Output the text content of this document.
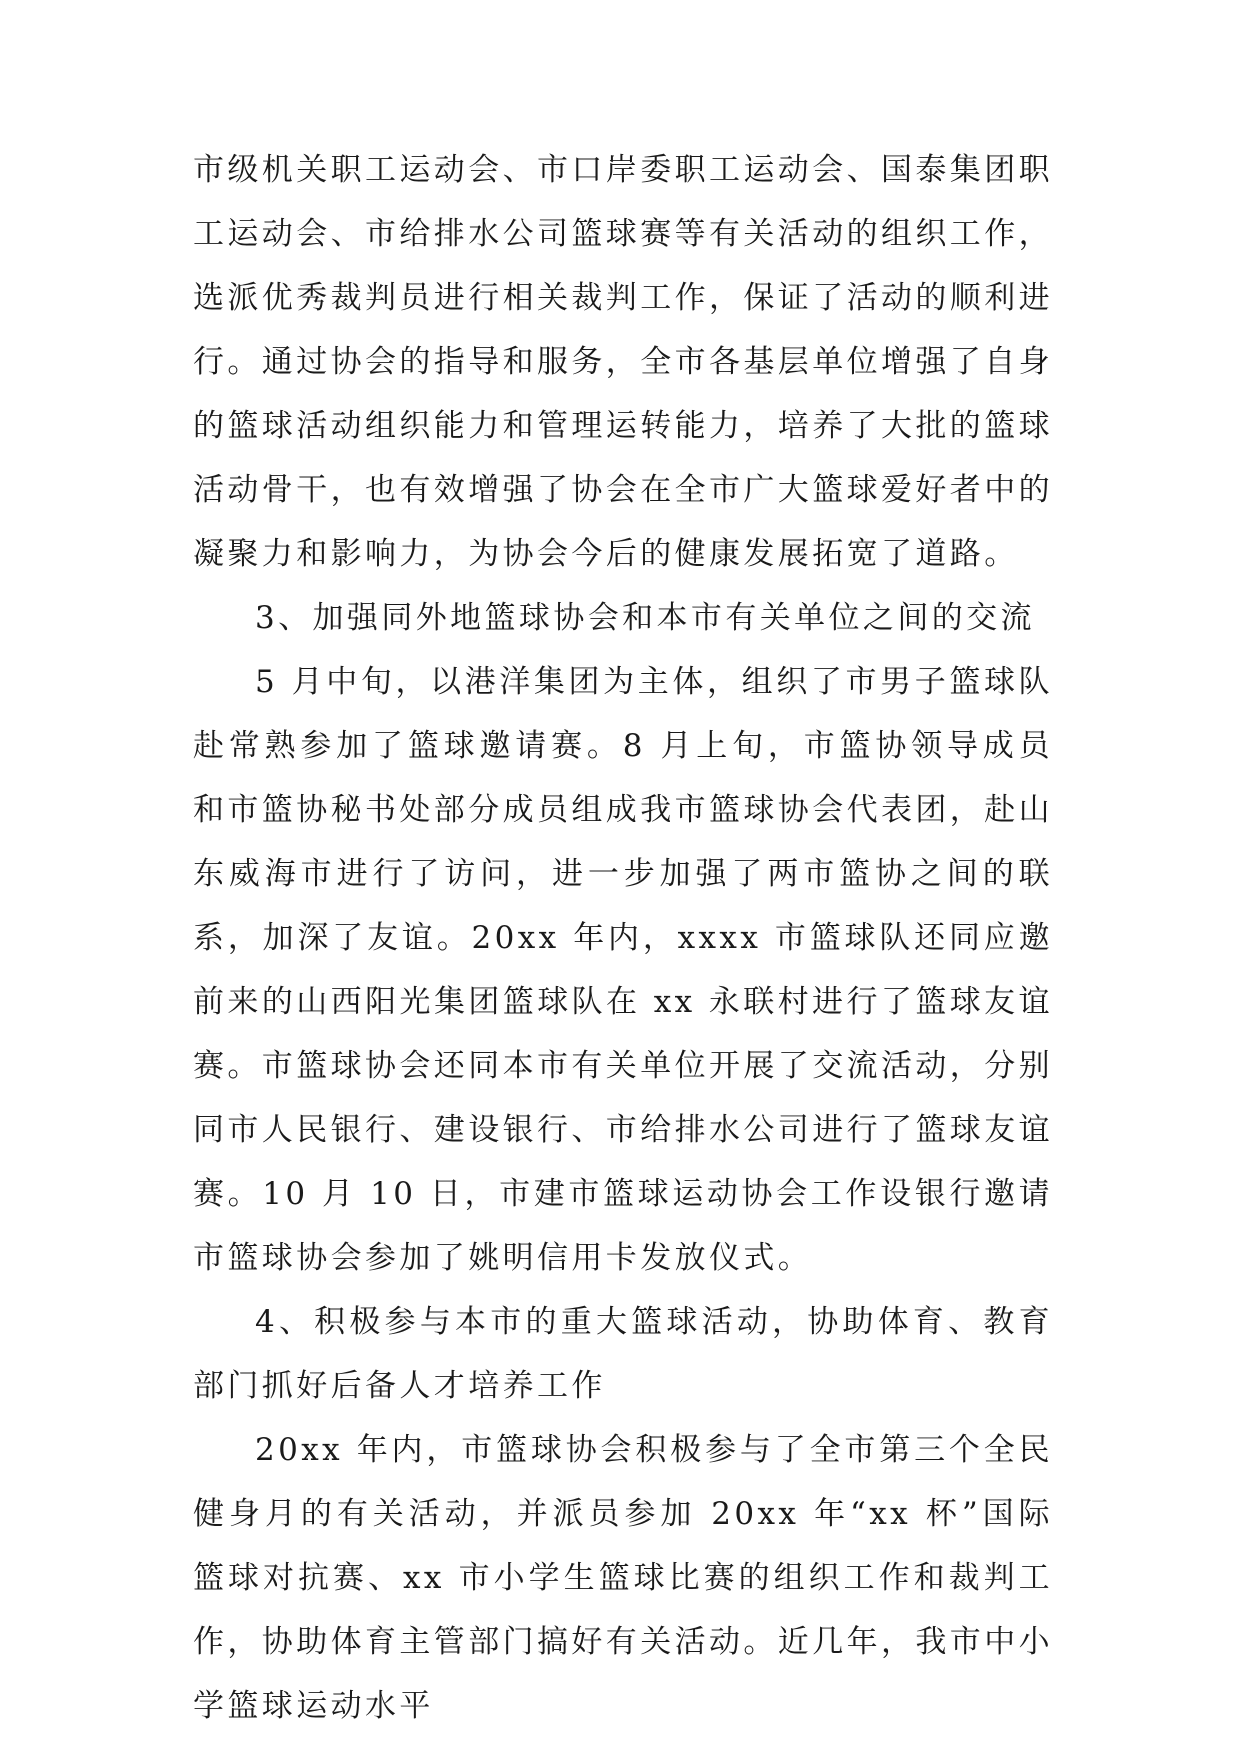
市级机关职工运动会、市口岸委职工运动会、国泰集团职工运动会、市给排水公司篮球赛等有关活动的组织工作，选派优秀裁判员进行相关裁判工作，保证了活动的顺利进行。通过协会的指导和服务，全市各基层单位增强了自身的篮球活动组织能力和管理运转能力，培养了大批的篮球活动骨干，也有效增强了协会在全市广大篮球爱好者中的凝聚力和影响力，为协会今后的健康发展拓宽了道路。

3、加强同外地篮球协会和本市有关单位之间的交流

5 月中旬，以港洋集团为主体，组织了市男子篮球队赴常熟参加了篮球邀请赛。8 月上旬，市篮协领导成员和市篮协秘书处部分成员组成我市篮球协会代表团，赴山东威海市进行了访问，进一步加强了两市篮协之间的联系，加深了友谊。20xx 年内，xxxx 市篮球队还同应邀前来的山西阳光集团篮球队在 xx 永联村进行了篮球友谊赛。市篮球协会还同本市有关单位开展了交流活动，分别同市人民银行、建设银行、市给排水公司进行了篮球友谊赛。10 月 10 日，市建市篮球运动协会工作设银行邀请市篮球协会参加了姚明信用卡发放仪式。

4、积极参与本市的重大篮球活动，协助体育、教育部门抓好后备人才培养工作

20xx 年内，市篮球协会积极参与了全市第三个全民健身月的有关活动，并派员参加 20xx 年“xx 杯”国际篮球对抗赛、xx 市小学生篮球比赛的组织工作和裁判工作，协助体育主管部门搞好有关活动。近几年，我市中小学篮球运动水平
